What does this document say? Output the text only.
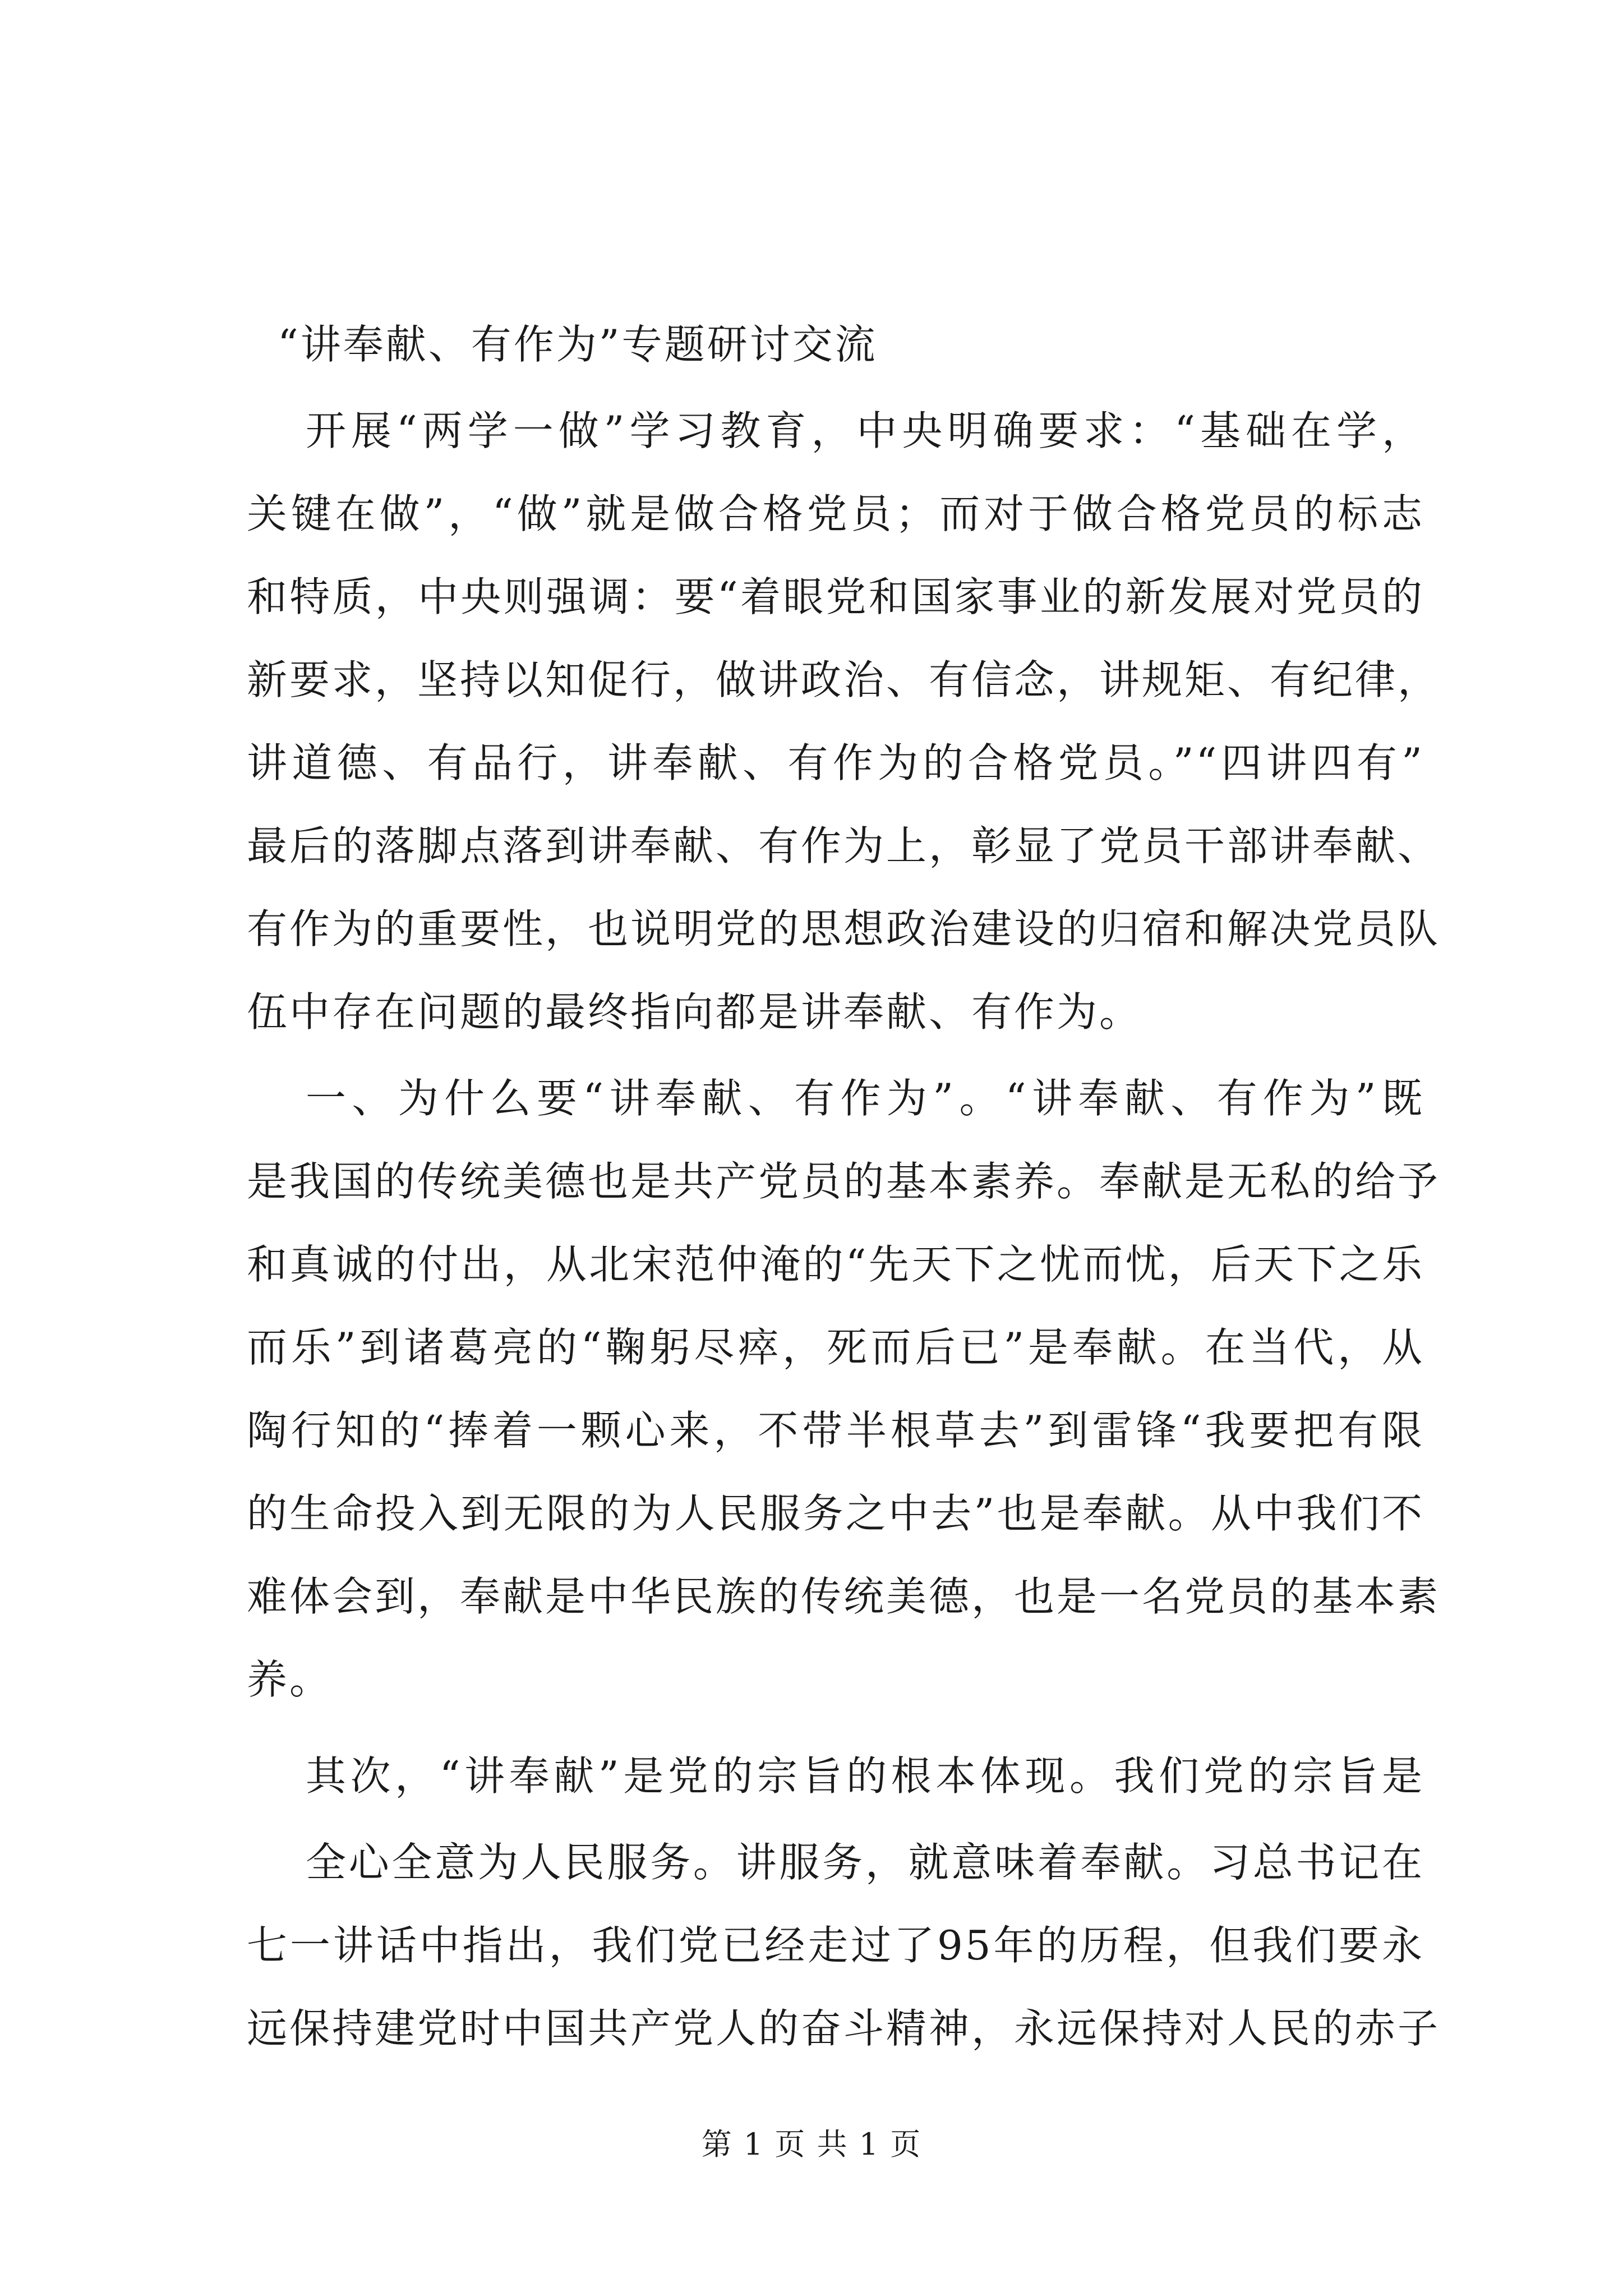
“讲奉献、有作为”专题研讨交流
开展“两学一做”学习教育，中央明确要求：“基础在学，
关键在做”，“做”就是做合格党员；而对于做合格党员的标志
和特质，中央则强调：要“着眼党和国家事业的新发展对党员的
新要求，坚持以知促行，做讲政治、有信念，讲规矩、有纪律，
讲道德、有品行，讲奉献、有作为的合格党员。”“四讲四有”
最后的落脚点落到讲奉献、有作为上，彰显了党员干部讲奉献、
有作为的重要性，也说明党的思想政治建设的归宿和解决党员队
伍中存在问题的最终指向都是讲奉献、有作为。
一、为什么要“讲奉献、有作为”。“讲奉献、有作为”既
是我国的传统美德也是共产党员的基本素养。奉献是无私的给予
和真诚的付出，从北宋范仲淹的“先天下之忧而忧，后天下之乐
而乐”到诸葛亮的“鞠躬尽瘁，死而后已”是奉献。在当代，从
陶行知的“捧着一颗心来，不带半根草去”到雷锋“我要把有限
的生命投入到无限的为人民服务之中去”也是奉献。从中我们不
难体会到，奉献是中华民族的传统美德，也是一名党员的基本素
养。
其次，“讲奉献”是党的宗旨的根本体现。我们党的宗旨是
全心全意为人民服务。讲服务，就意味着奉献。习总书记在
七一讲话中指出，我们党已经走过了95年的历程，但我们要永
远保持建党时中国共产党人的奋斗精神，永远保持对人民的赤子
第 1 页 共 1 页
